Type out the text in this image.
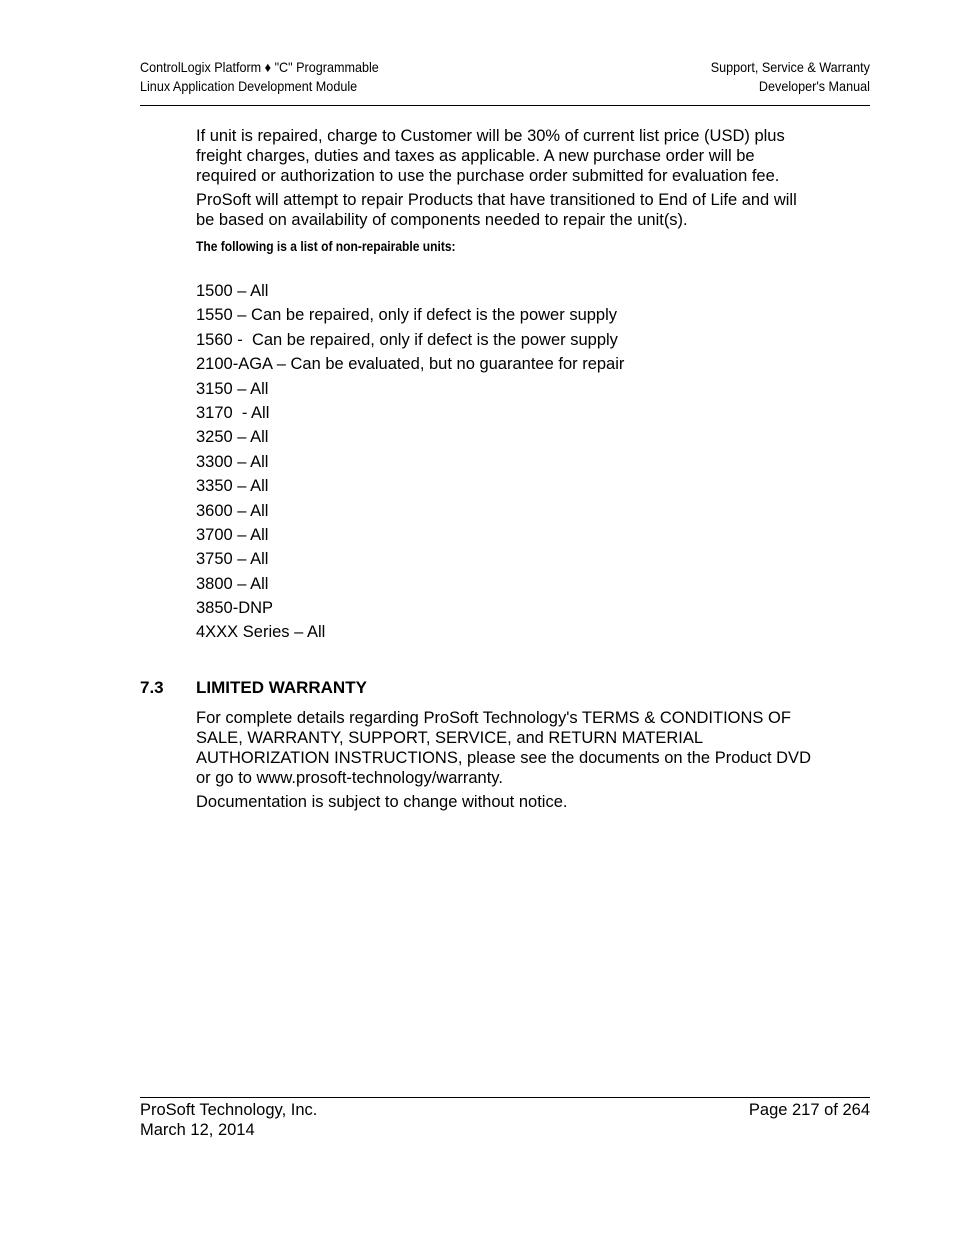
ControlLogix Platform ♦ "C" Programmable
Linux Application Development Module
Support, Service & Warranty
Developer's Manual

If unit is repaired, charge to Customer will be 30% of current list price (USD) plus freight charges, duties and taxes as applicable. A new purchase order will be required or authorization to use the purchase order submitted for evaluation fee.

ProSoft will attempt to repair Products that have transitioned to End of Life and will be based on availability of components needed to repair the unit(s).

The following is a list of non-repairable units:
1500 – All
1550 – Can be repaired, only if defect is the power supply
1560 -  Can be repaired, only if defect is the power supply
2100-AGA – Can be evaluated, but no guarantee for repair
3150 – All
3170  - All
3250 – All
3300 – All
3350 – All
3600 – All
3700 – All
3750 – All
3800 – All
3850-DNP
4XXX Series – All
7.3 LIMITED WARRANTY

For complete details regarding ProSoft Technology's TERMS & CONDITIONS OF SALE, WARRANTY, SUPPORT, SERVICE, and RETURN MATERIAL AUTHORIZATION INSTRUCTIONS, please see the documents on the Product DVD or go to www.prosoft-technology/warranty.

Documentation is subject to change without notice.

ProSoft Technology, Inc.
March 12, 2014
Page 217 of 264
